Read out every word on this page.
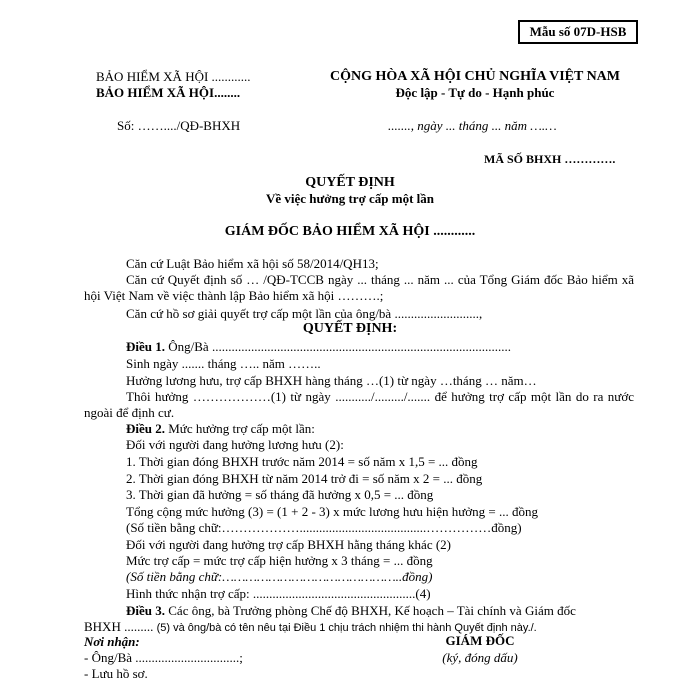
Mẫu số 07D-HSB
BẢO HIỂM XÃ HỘI ............
BẢO HIỂM XÃ HỘI........
Số: ……..../QĐ-BHXH
CỘNG HÒA XÃ HỘI CHỦ NGHĨA VIỆT NAM
Độc lập - Tự do - Hạnh phúc
......., ngày ... tháng ... năm ….…
MÃ SỐ BHXH ………….
QUYẾT ĐỊNH
Về việc hưởng trợ cấp một lần
GIÁM ĐỐC BẢO HIỂM XÃ HỘI ............
Căn cứ Luật Bảo hiểm xã hội số 58/2014/QH13;
Căn cứ Quyết định số … /QĐ-TCCB ngày ... tháng ... năm ... của Tổng Giám đốc Bảo hiểm xã hội Việt Nam về việc thành lập Bảo hiểm xã hội ……….;
Căn cứ hồ sơ giải quyết trợ cấp một lần của ông/bà ..........................,
QUYẾT ĐỊNH:
Điều 1. Ông/Bà ............................................................................................
Sinh ngày ....... tháng ….. năm ……..
Hưởng lương hưu, trợ cấp BHXH hàng tháng …(1) từ ngày …tháng … năm…
Thôi hưởng ………………(1) từ ngày .........../........./....... để hưởng trợ cấp một lần do ra nước ngoài để định cư.
Điều 2. Mức hưởng trợ cấp một lần:
Đối với người đang hưởng lương hưu (2):
1. Thời gian đóng BHXH trước năm 2014 = số năm x 1,5 = ... đồng
2. Thời gian đóng BHXH từ năm 2014 trở đi = số năm x 2 = ... đồng
3. Thời gian đã hưởng = số tháng đã hưởng x 0,5 = ... đồng
Tổng cộng mức hưởng (3) = (1 + 2 - 3) x mức lương hưu hiện hưởng = ... đồng
(Số tiền bằng chữ:……………….......................................……………đồng)
Đối với người đang hưởng trợ cấp BHXH hằng tháng khác (2)
Mức trợ cấp = mức trợ cấp hiện hưởng x 3 tháng = ... đồng
(Số tiền bằng chữ:………………………………………..đồng)
Hình thức nhận trợ cấp: ..................................................(4)
Điều 3. Các ông, bà Trưởng phòng Chế độ BHXH, Kế hoạch – Tài chính và Giám đốc
BHXH ......... (5) và ông/bà có tên nêu tại Điều 1 chịu trách nhiệm thi hành Quyết định này./.
Nơi nhận:
- Ông/Bà ................................;
- Lưu hồ sơ.
GIÁM ĐỐC
(ký, đóng dấu)
